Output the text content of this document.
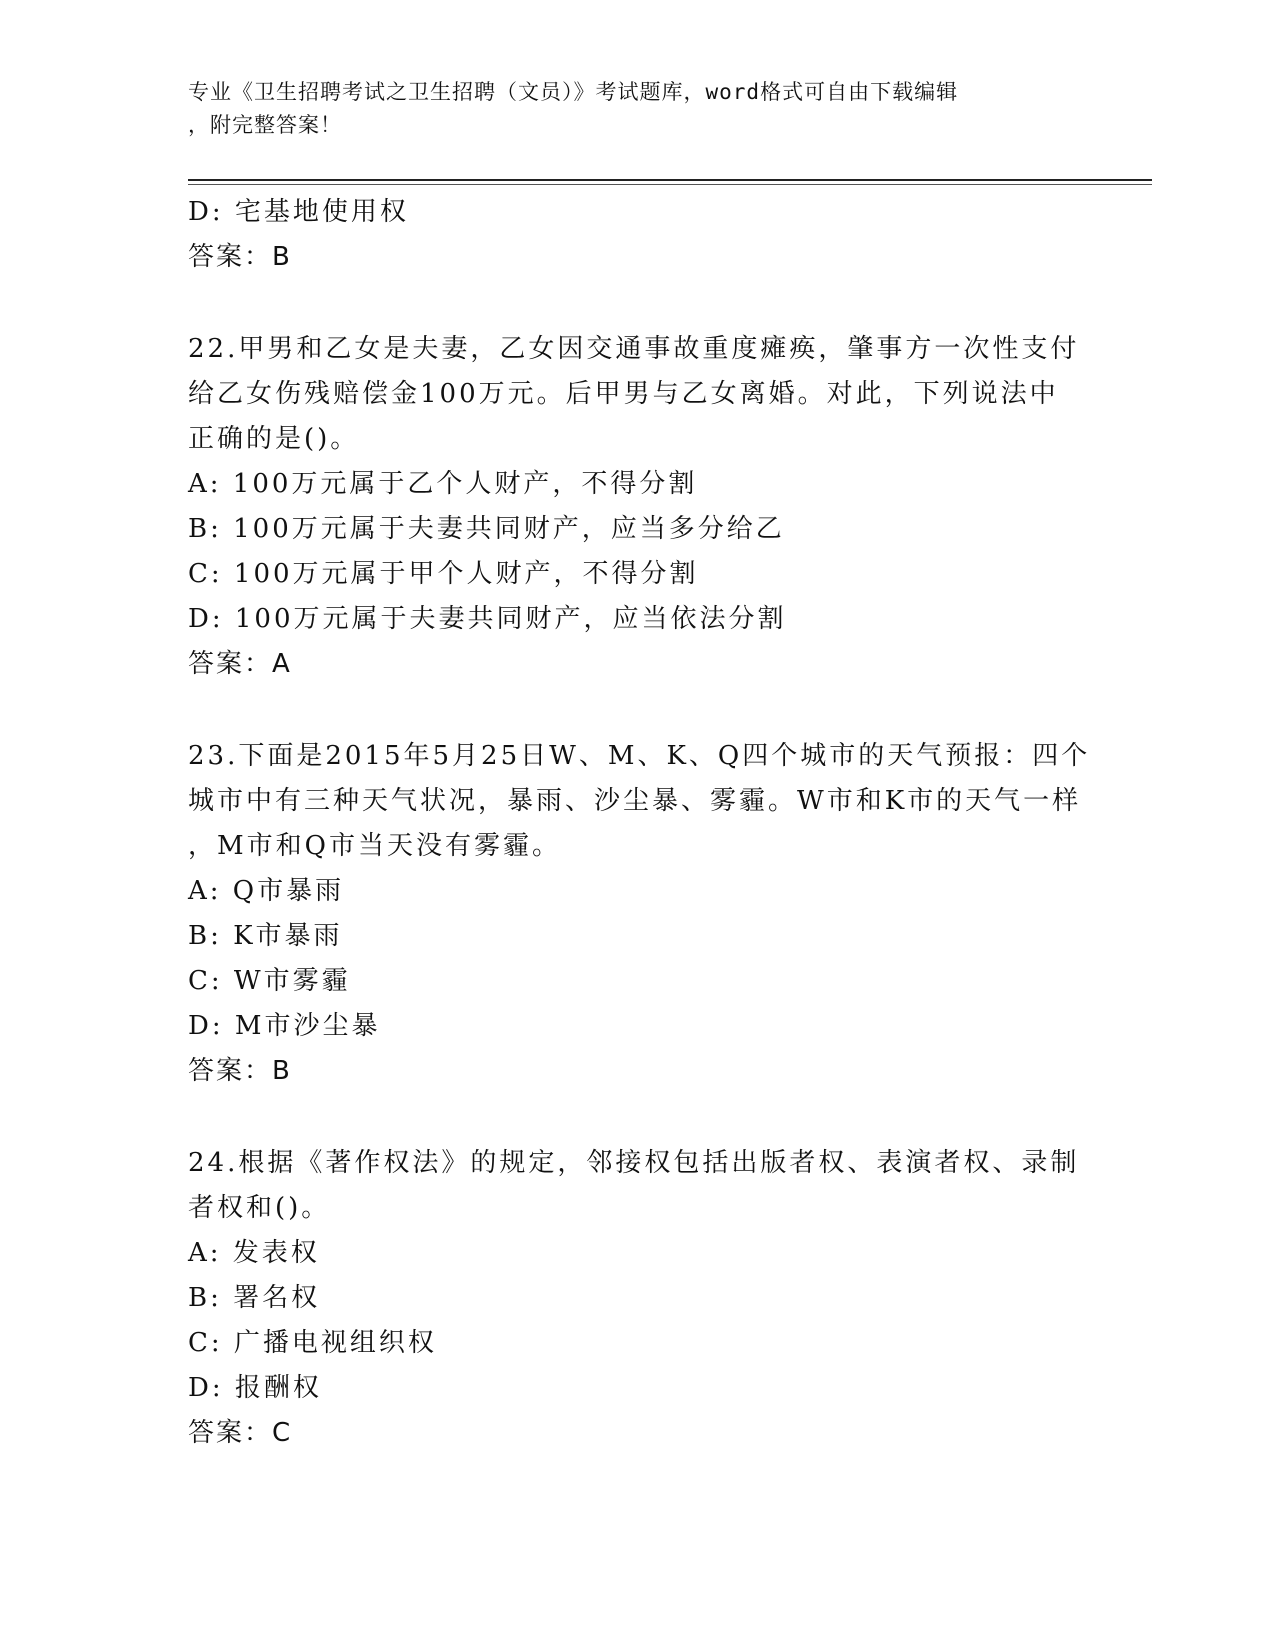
专业《卫生招聘考试之卫生招聘（文员）》考试题库，word格式可自由下载编辑
，附完整答案！
D: 宅基地使用权
答案：B
22.甲男和乙女是夫妻，乙女因交通事故重度瘫痪，肇事方一次性支付
给乙女伤残赔偿金100万元。后甲男与乙女离婚。对此，下列说法中
正确的是()。
A: 100万元属于乙个人财产，不得分割
B: 100万元属于夫妻共同财产，应当多分给乙
C: 100万元属于甲个人财产，不得分割
D: 100万元属于夫妻共同财产，应当依法分割
答案：A
23.下面是2015年5月25日W、M、K、Q四个城市的天气预报：四个
城市中有三种天气状况，暴雨、沙尘暴、雾霾。W市和K市的天气一样
，M市和Q市当天没有雾霾。
A: Q市暴雨
B: K市暴雨
C: W市雾霾
D: M市沙尘暴
答案：B
24.根据《著作权法》的规定，邻接权包括出版者权、表演者权、录制
者权和()。
A: 发表权
B: 署名权
C: 广播电视组织权
D: 报酬权
答案：C
